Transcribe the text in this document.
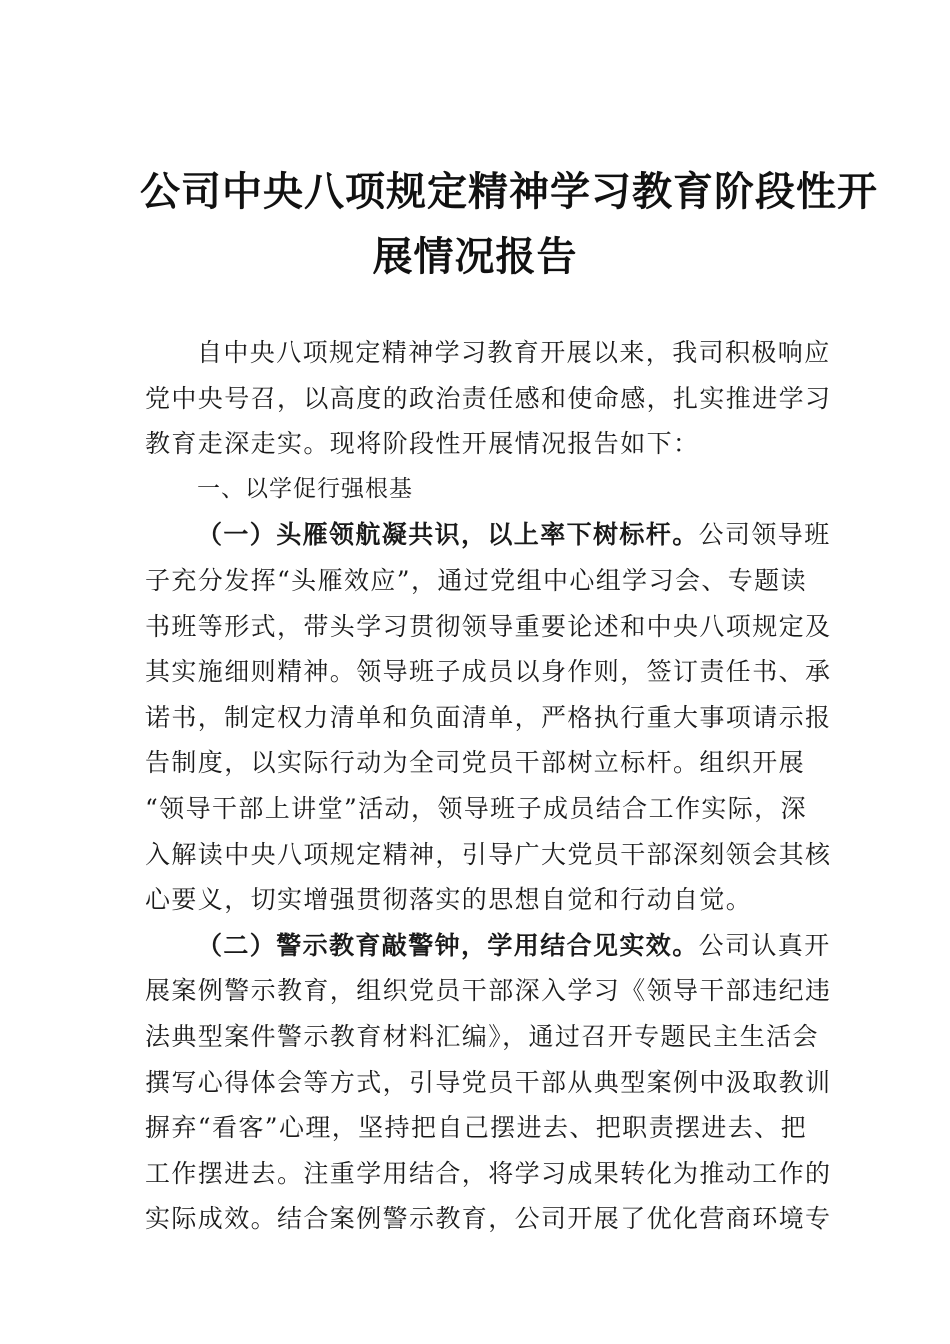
公司中央八项规定精神学习教育阶段性开
展情况报告
自中央八项规定精神学习教育开展以来，我司积极响应
党中央号召，以高度的政治责任感和使命感，扎实推进学习
教育走深走实。现将阶段性开展情况报告如下：
一、以学促行强根基
（一）头雁领航凝共识，以上率下树标杆。公司领导班
子充分发挥“头雁效应”，通过党组中心组学习会、专题读
书班等形式，带头学习贯彻领导重要论述和中央八项规定及
其实施细则精神。领导班子成员以身作则，签订责任书、承
诺书，制定权力清单和负面清单，严格执行重大事项请示报
告制度，以实际行动为全司党员干部树立标杆。组织开展
“领导干部上讲堂”活动，领导班子成员结合工作实际，深
入解读中央八项规定精神，引导广大党员干部深刻领会其核
心要义，切实增强贯彻落实的思想自觉和行动自觉。
（二）警示教育敲警钟，学用结合见实效。公司认真开
展案例警示教育，组织党员干部深入学习《领导干部违纪违
法典型案件警示教育材料汇编》，通过召开专题民主生活会
撰写心得体会等方式，引导党员干部从典型案例中汲取教训
摒弃“看客”心理，坚持把自己摆进去、把职责摆进去、把
工作摆进去。注重学用结合，将学习成果转化为推动工作的
实际成效。结合案例警示教育，公司开展了优化营商环境专
